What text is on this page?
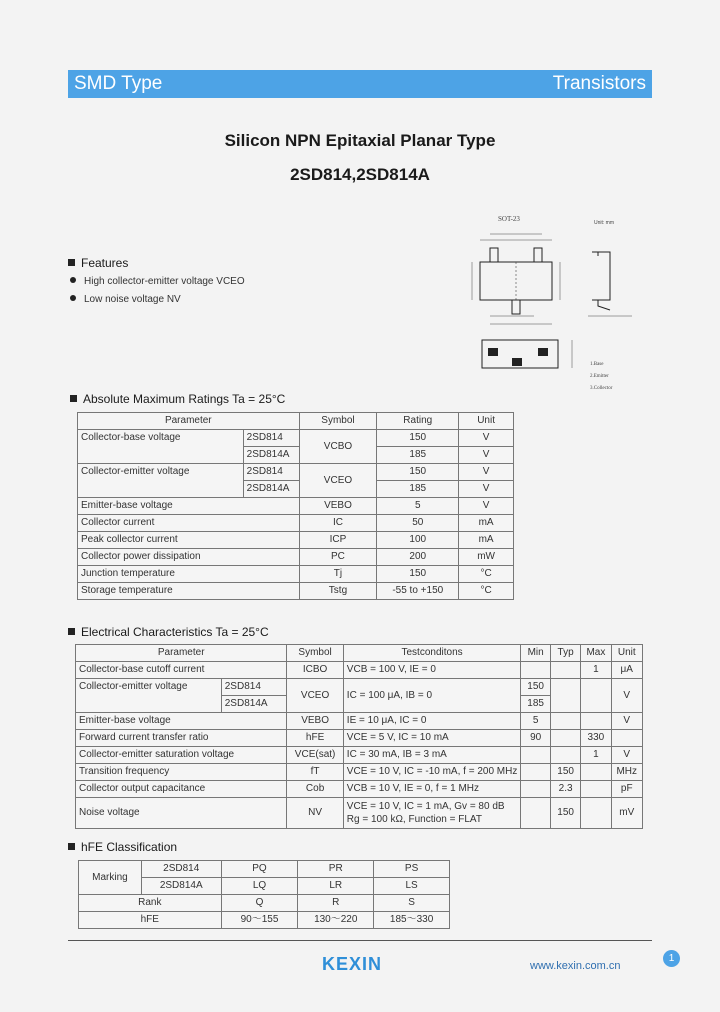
SMD Type	Transistors
Silicon NPN Epitaxial Planar Type
2SD814,2SD814A
SOT-23	Unit: mm
1.Base
2.Emitter
3.Collector
Features
High collector-emitter voltage VCEO
Low noise voltage NV
Absolute Maximum Ratings Ta = 25°C
Parameter		Symbol	Rating	Unit
Collector-base voltage	2SD814	VCBO	150	V
	2SD814A		185	V
Collector-emitter voltage	2SD814	VCEO	150	V
	2SD814A		185	V
Emitter-base voltage		VEBO	5	V
Collector current		IC	50	mA
Peak collector current		ICP	100	mA
Collector power dissipation		PC	200	mW
Junction temperature		Tj	150	°C
Storage temperature		Tstg	-55 to +150	°C
Electrical Characteristics Ta = 25°C
Parameter		Symbol	Testconditons	Min	Typ	Max	Unit
Collector-base cutoff current		ICBO	VCB = 100 V, IE = 0			1	μA
Collector-emitter voltage	2SD814	VCEO	IC = 100 μA, IB = 0	150			V
	2SD814A			185			
Emitter-base voltage		VEBO	IE = 10 μA, IC = 0	5			V
Forward current transfer ratio		hFE	VCE = 5 V, IC = 10 mA	90		330	
Collector-emitter saturation voltage		VCE(sat)	IC = 30 mA, IB = 3 mA			1	V
Transition frequency		fT	VCE = 10 V, IC = -10 mA, f = 200 MHz		150		MHz
Collector output capacitance		Cob	VCB = 10 V, IE = 0, f = 1 MHz		2.3		pF
Noise voltage		NV	VCE = 10 V, IC = 1 mA, Gv = 80 dB
Rg = 100 kΩ, Function = FLAT		150		mV
hFE Classification
Marking	2SD814	PQ	PR	PS
	2SD814A	LQ	LR	LS
Rank		Q	R	S
hFE		90～155	130～220	185～330
KEXIN	www.kexin.com.cn
1
